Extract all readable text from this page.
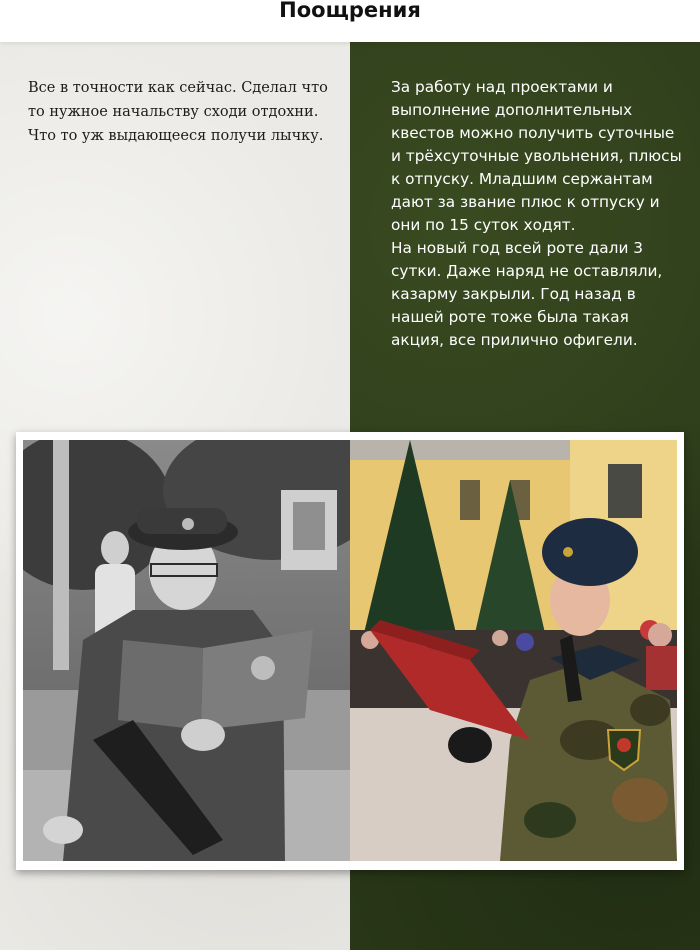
Поощрения

Все в точности как сейчас. Сделал что то нужное начальству сходи отдохни. Что то уж выдающееся получи лычку.

За работу над проектами и выполнение дополнительных квестов можно получить суточные и трёхсуточные увольнения, плюсы к отпуску. Младшим сержантам дают за звание плюс к отпуску и они по 15 суток ходят.
На новый год всей роте дали 3 сутки. Даже наряд не оставляли, казарму закрыли. Год назад в нашей роте тоже была такая акция, все прилично офигели.
